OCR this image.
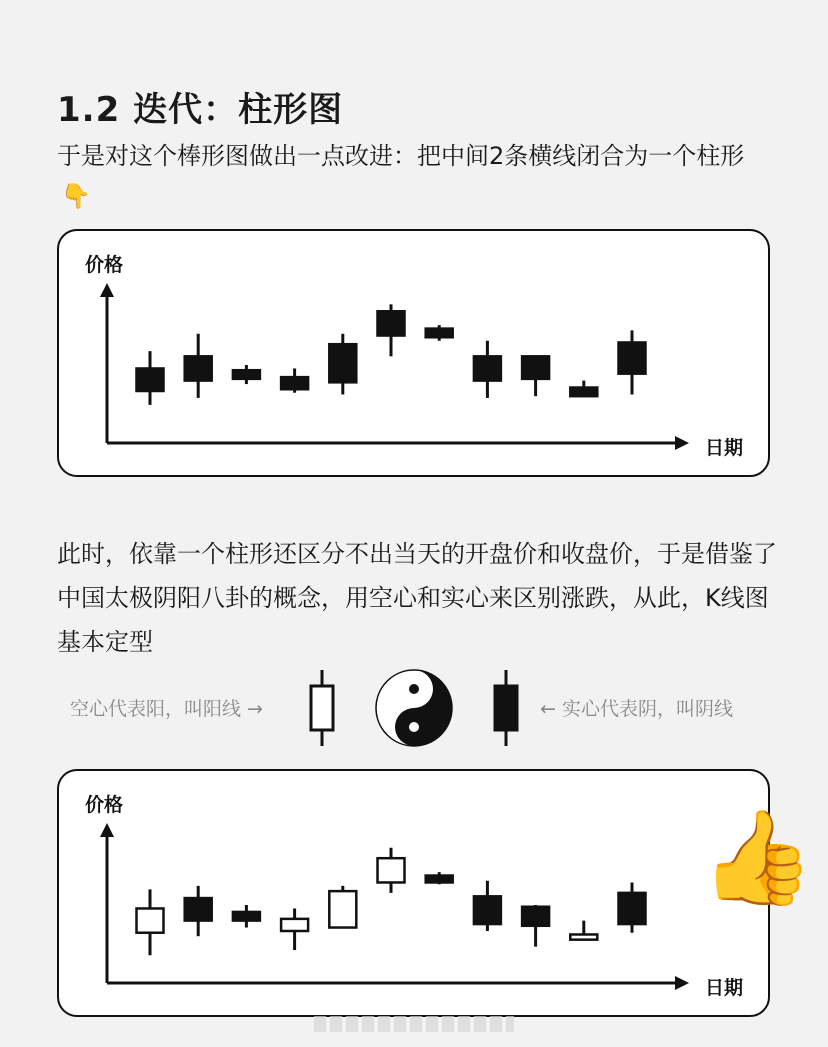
1.2 迭代：柱形图
于是对这个棒形图做出一点改进：把中间2条横线闭合为一个柱形👇
价格
日期
此时，依靠一个柱形还区分不出当天的开盘价和收盘价，于是借鉴了中国太极阴阳八卦的概念，用空心和实心来区别涨跌，从此，K线图基本定型
空心代表阳，叫阳线 →	← 实心代表阴，叫阴线
价格
日期
👍
